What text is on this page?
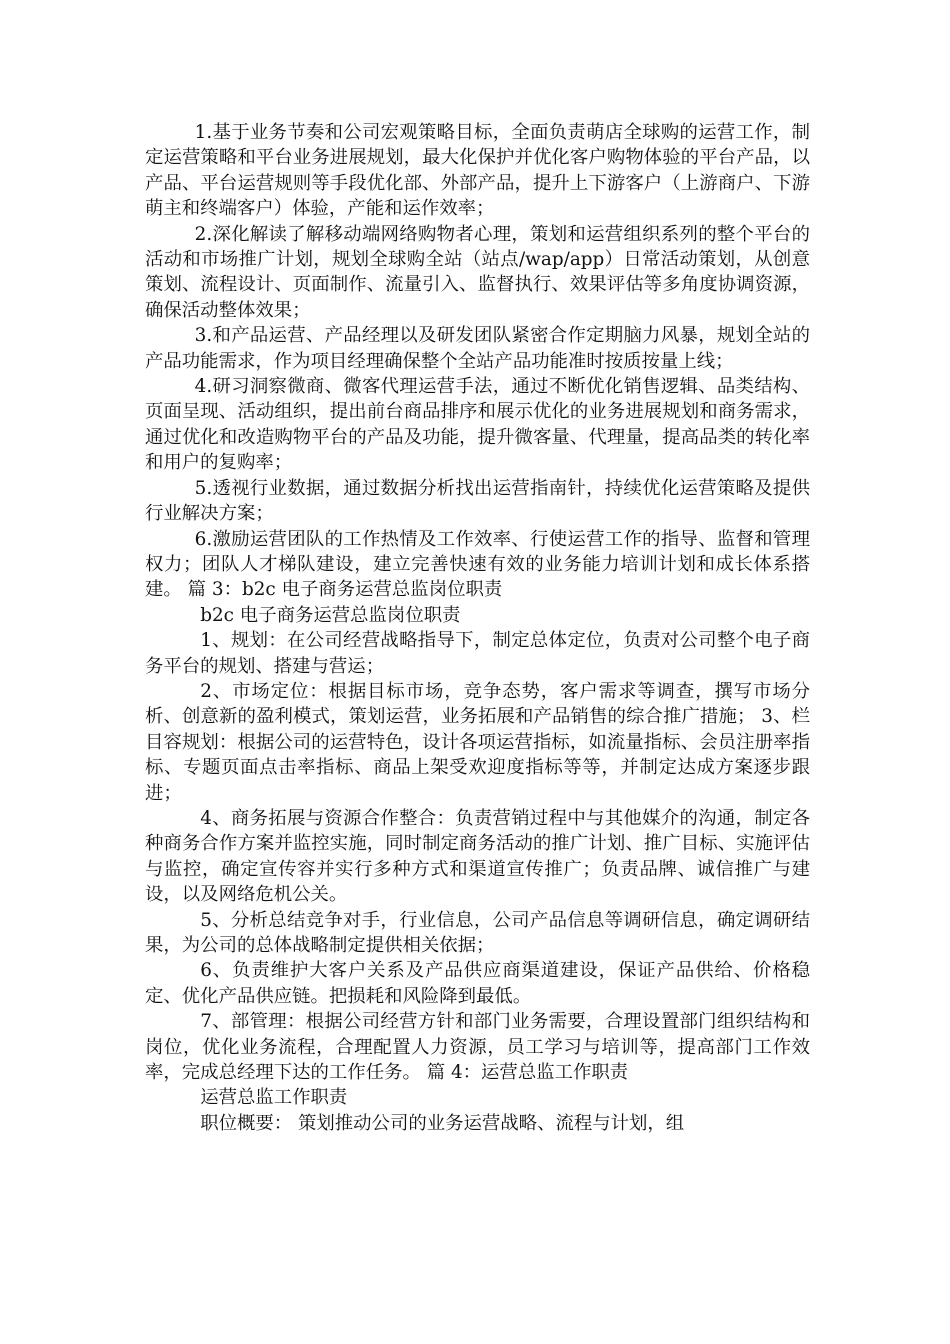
1.基于业务节奏和公司宏观策略目标，全面负责萌店全球购的运营工作，制定运营策略和平台业务进展规划，最大化保护并优化客户购物体验的平台产品，以产品、平台运营规则等手段优化部、外部产品，提升上下游客户（上游商户、下游萌主和终端客户）体验，产能和运作效率；

2.深化解读了解移动端网络购物者心理，策划和运营组织系列的整个平台的活动和市场推广计划，规划全球购全站（站点/wap/app）日常活动策划，从创意策划、流程设计、页面制作、流量引入、监督执行、效果评估等多角度协调资源，确保活动整体效果；

3.和产品运营、产品经理以及研发团队紧密合作定期脑力风暴，规划全站的产品功能需求，作为项目经理确保整个全站产品功能准时按质按量上线；

4.研习洞察微商、微客代理运营手法，通过不断优化销售逻辑、品类结构、页面呈现、活动组织，提出前台商品排序和展示优化的业务进展规划和商务需求，通过优化和改造购物平台的产品及功能，提升微客量、代理量，提高品类的转化率和用户的复购率；

5.透视行业数据，通过数据分析找出运营指南针，持续优化运营策略及提供行业解决方案；

6.激励运营团队的工作热情及工作效率、行使运营工作的指导、监督和管理权力；团队人才梯队建设，建立完善快速有效的业务能力培训计划和成长体系搭建。 篇 3：b2c 电子商务运营总监岗位职责

b2c 电子商务运营总监岗位职责

1、规划：在公司经营战略指导下，制定总体定位，负责对公司整个电子商务平台的规划、搭建与营运；

2、市场定位：根据目标市场，竞争态势，客户需求等调查，撰写市场分析、创意新的盈利模式，策划运营，业务拓展和产品销售的综合推广措施； 3、栏目容规划：根据公司的运营特色，设计各项运营指标，如流量指标、会员注册率指标、专题页面点击率指标、商品上架受欢迎度指标等等，并制定达成方案逐步跟进；

4、商务拓展与资源合作整合：负责营销过程中与其他媒介的沟通，制定各种商务合作方案并监控实施，同时制定商务活动的推广计划、推广目标、实施评估与监控，确定宣传容并实行多种方式和渠道宣传推广；负责品牌、诚信推广与建设，以及网络危机公关。

5、分析总结竞争对手，行业信息，公司产品信息等调研信息，确定调研结果，为公司的总体战略制定提供相关依据；

6、负责维护大客户关系及产品供应商渠道建设，保证产品供给、价格稳定、优化产品供应链。把损耗和风险降到最低。

7、部管理：根据公司经营方针和部门业务需要，合理设置部门组织结构和岗位，优化业务流程，合理配置人力资源，员工学习与培训等，提高部门工作效率，完成总经理下达的工作任务。 篇 4：运营总监工作职责

运营总监工作职责

职位概要： 策划推动公司的业务运营战略、流程与计划，组
